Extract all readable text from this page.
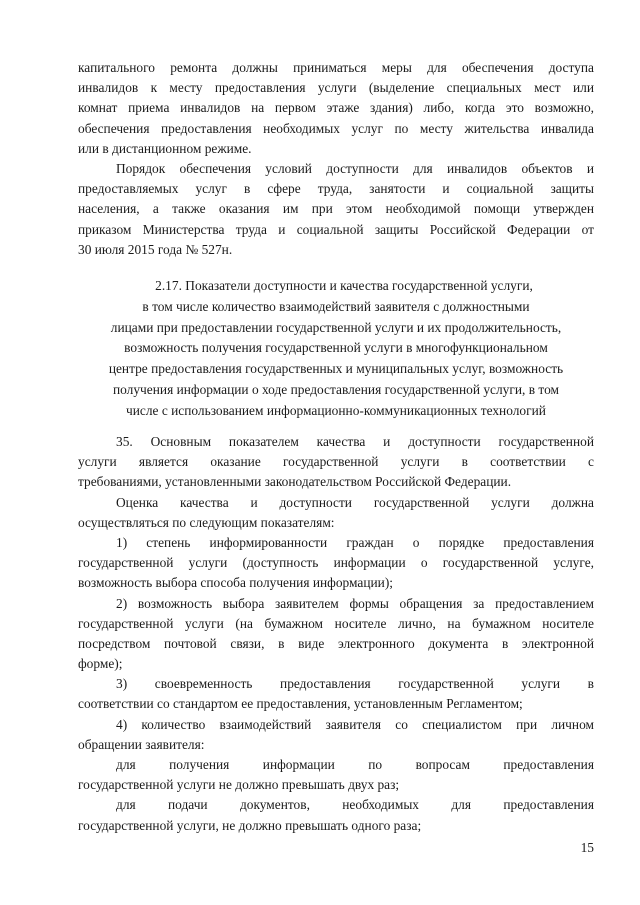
капитального ремонта должны приниматься меры для обеспечения доступа
инвалидов к месту предоставления услуги (выделение специальных мест или
комнат приема инвалидов на первом этаже здания) либо, когда это возможно,
обеспечения предоставления необходимых услуг по месту жительства инвалида
или в дистанционном режиме.
Порядок обеспечения условий доступности для инвалидов объектов и
предоставляемых услуг в сфере труда, занятости и социальной защиты
населения, а также оказания им при этом необходимой помощи утвержден
приказом Министерства труда и социальной защиты Российской Федерации от
30 июля 2015 года № 527н.
2.17. Показатели доступности и качества государственной услуги,
в том числе количество взаимодействий заявителя с должностными
лицами при предоставлении государственной услуги и их продолжительность,
возможность получения государственной услуги в многофункциональном
центре предоставления государственных и муниципальных услуг, возможность
получения информации о ходе предоставления государственной услуги, в том
числе с использованием информационно-коммуникационных технологий
35. Основным показателем качества и доступности государственной
услуги является оказание государственной услуги в соответствии с
требованиями, установленными законодательством Российской Федерации.
Оценка качества и доступности государственной услуги должна
осуществляться по следующим показателям:
1) степень информированности граждан о порядке предоставления
государственной услуги (доступность информации о государственной услуге,
возможность выбора способа получения информации);
2) возможность выбора заявителем формы обращения за предоставлением
государственной услуги (на бумажном носителе лично, на бумажном носителе
посредством почтовой связи, в виде электронного документа в электронной
форме);
3) своевременность предоставления государственной услуги в
соответствии со стандартом ее предоставления, установленным Регламентом;
4) количество взаимодействий заявителя со специалистом при личном
обращении заявителя:
для получения информации по вопросам предоставления
государственной услуги не должно превышать двух раз;
для подачи документов, необходимых для предоставления
государственной услуги, не должно превышать одного раза;
15
